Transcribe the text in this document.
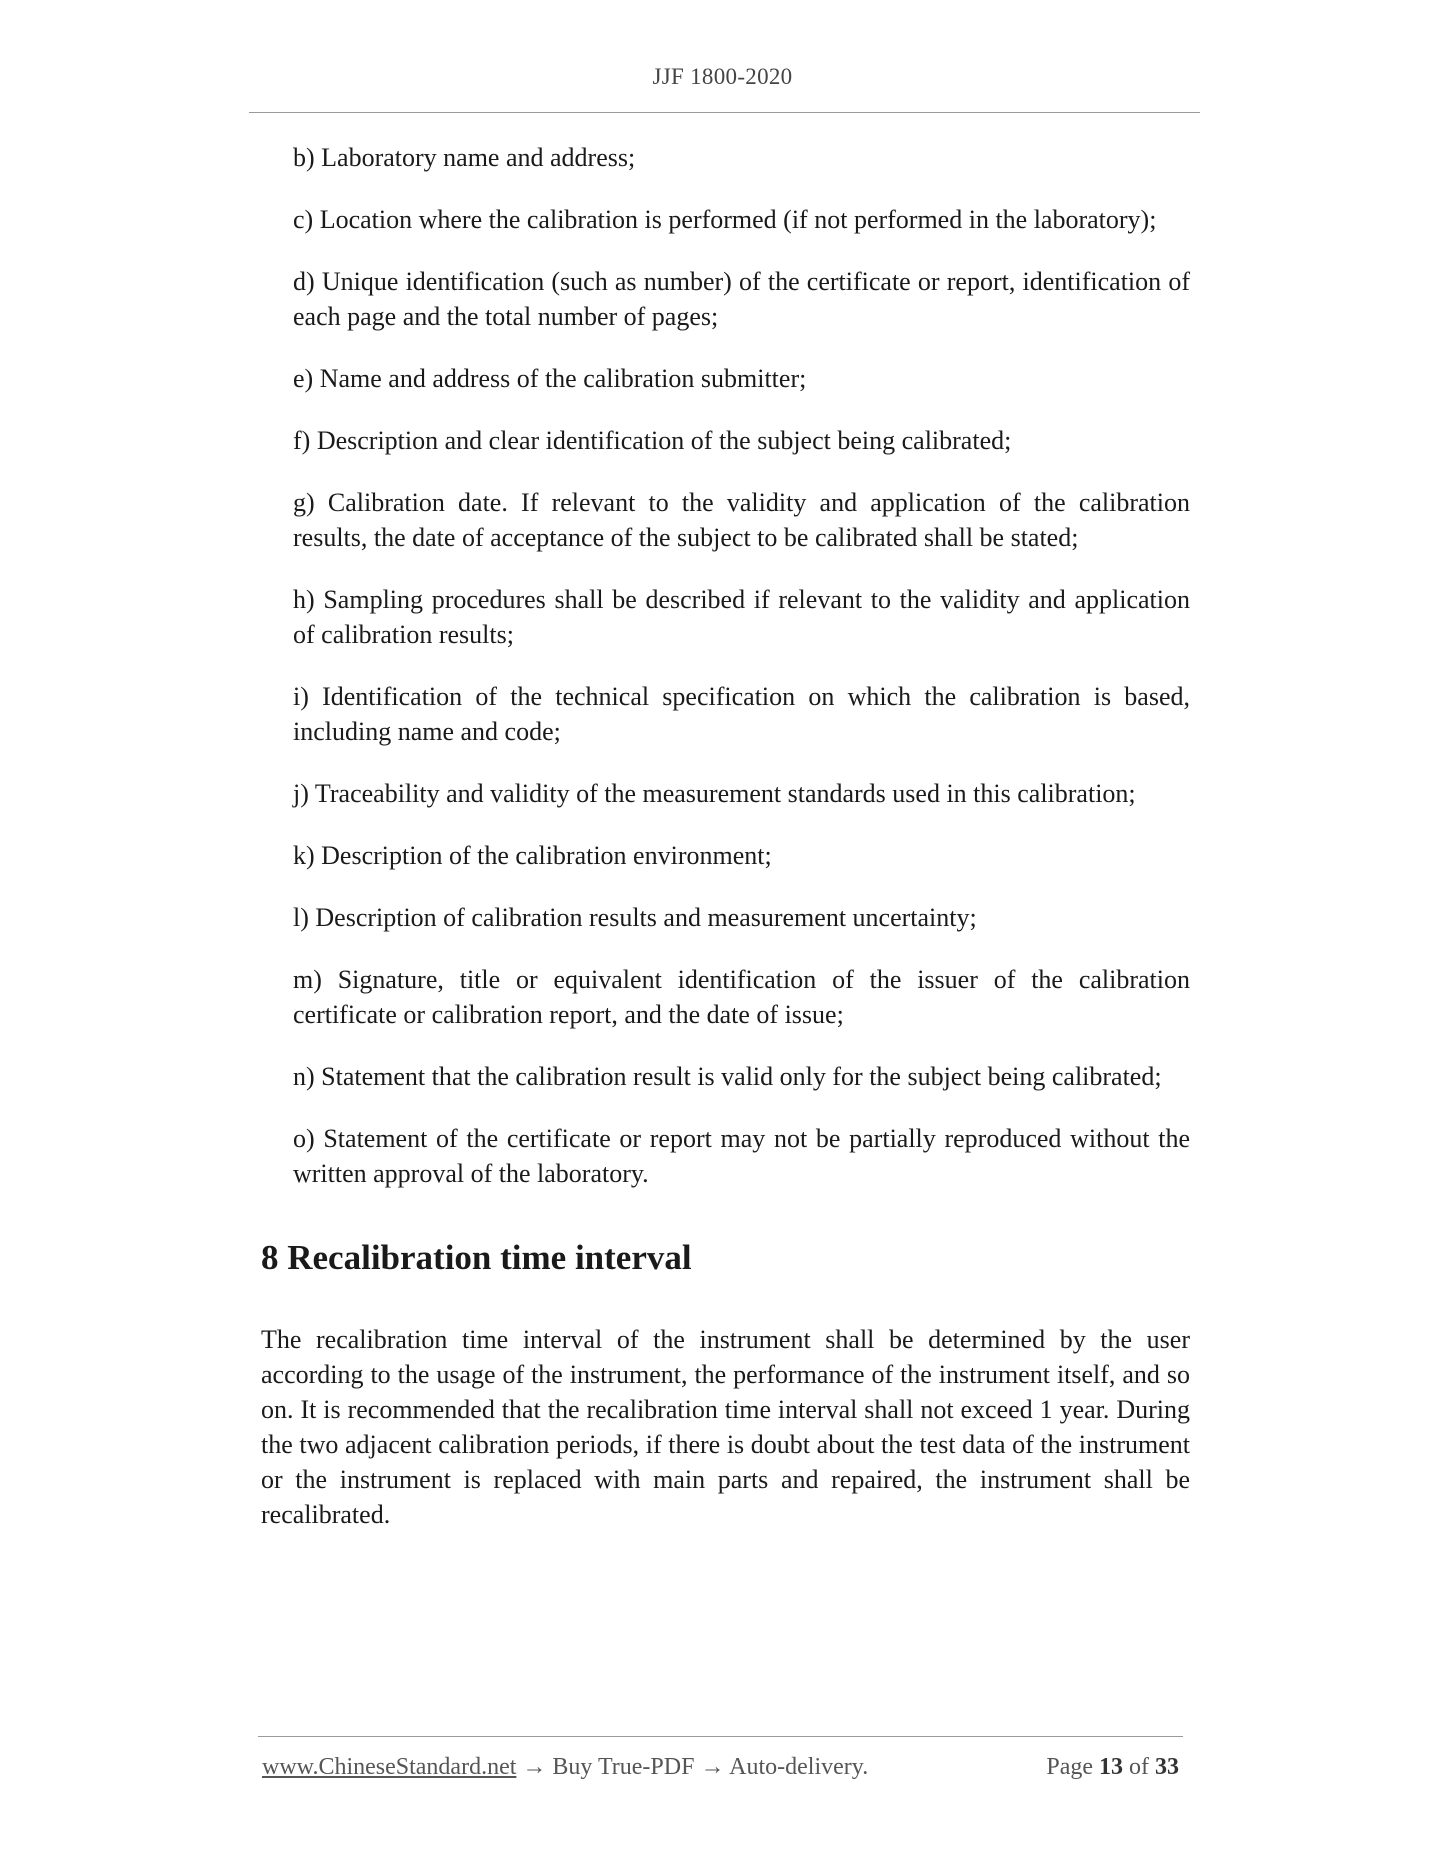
JJF 1800-2020

b) Laboratory name and address;

c) Location where the calibration is performed (if not performed in the laboratory);

d) Unique identification (such as number) of the certificate or report, identification of each page and the total number of pages;

e) Name and address of the calibration submitter;

f) Description and clear identification of the subject being calibrated;

g) Calibration date. If relevant to the validity and application of the calibration results, the date of acceptance of the subject to be calibrated shall be stated;

h) Sampling procedures shall be described if relevant to the validity and application of calibration results;

i) Identification of the technical specification on which the calibration is based, including name and code;

j) Traceability and validity of the measurement standards used in this calibration;

k) Description of the calibration environment;

l) Description of calibration results and measurement uncertainty;

m) Signature, title or equivalent identification of the issuer of the calibration certificate or calibration report, and the date of issue;

n) Statement that the calibration result is valid only for the subject being calibrated;

o) Statement of the certificate or report may not be partially reproduced without the written approval of the laboratory.

8 Recalibration time interval

The recalibration time interval of the instrument shall be determined by the user according to the usage of the instrument, the performance of the instrument itself, and so on. It is recommended that the recalibration time interval shall not exceed 1 year. During the two adjacent calibration periods, if there is doubt about the test data of the instrument or the instrument is replaced with main parts and repaired, the instrument shall be recalibrated.

www.ChineseStandard.net → Buy True-PDF → Auto-delivery.	Page 13 of 33
